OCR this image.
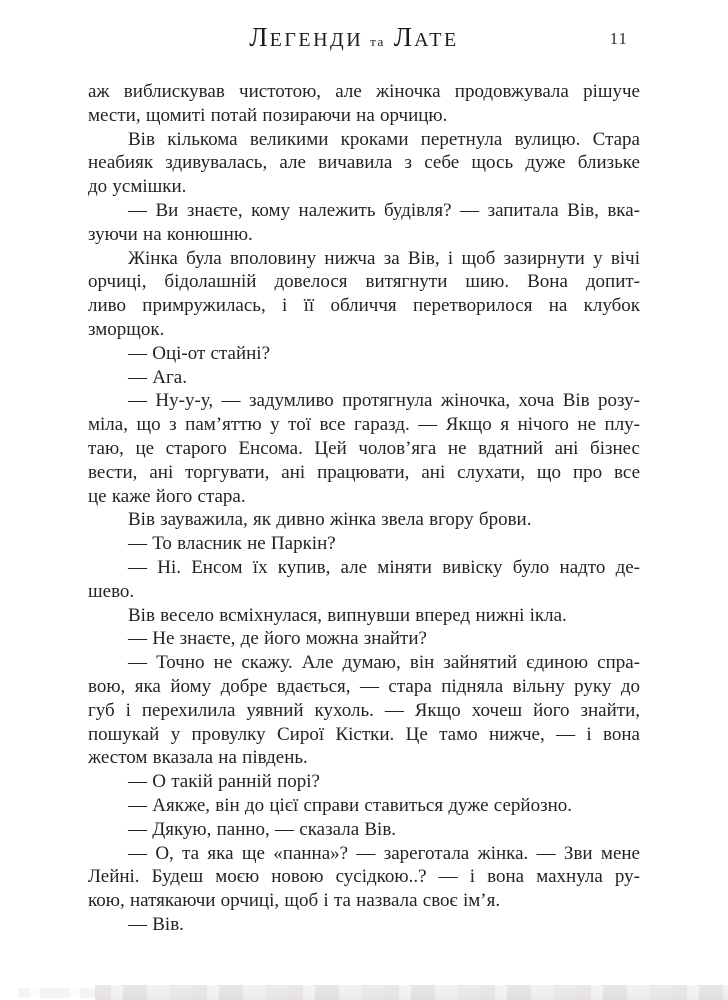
ЛЕГЕНДИ та ЛАТЕ	11
аж виблискував чистотою, але жіночка продовжувала рішуче
мести, щомиті потай позираючи на орчицю.
Вів кількома великими кроками перетнула вулицю. Стара
неабияк здивувалась, але вичавила з себе щось дуже близьке
до усмішки.
— Ви знаєте, кому належить будівля? — запитала Вів, вка-
зуючи на конюшню.
Жінка була вполовину нижча за Вів, і щоб зазирнути у вічі
орчиці, бідолашній довелося витягнути шию. Вона допит-
ливо примружилась, і її обличчя перетворилося на клубок
зморщок.
— Оці-от стайні?
— Ага.
— Ну-у-у, — задумливо протягнула жіночка, хоча Вів розу-
міла, що з пам’яттю у тої все гаразд. — Якщо я нічого не плу-
таю, це старого Енсома. Цей чолов’яга не вдатний ані бізнес
вести, ані торгувати, ані працювати, ані слухати, що про все
це каже його стара.
Вів зауважила, як дивно жінка звела вгору брови.
— То власник не Паркін?
— Ні. Енсом їх купив, але міняти вивіску було надто де-
шево.
Вів весело всміхнулася, випнувши вперед нижні ікла.
— Не знаєте, де його можна знайти?
— Точно не скажу. Але думаю, він зайнятий єдиною спра-
вою, яка йому добре вдається, — стара підняла вільну руку до
губ і перехилила уявний кухоль. — Якщо хочеш його знайти,
пошукай у провулку Сирої Кістки. Це тамо нижче, — і вона
жестом вказала на південь.
— О такій ранній порі?
— Аякже, він до цієї справи ставиться дуже серйозно.
— Дякую, панно, — сказала Вів.
— О, та яка ще «панна»? — зареготала жінка. — Зви мене
Лейні. Будеш моєю новою сусідкою..? — і вона махнула ру-
кою, натякаючи орчиці, щоб і та назвала своє ім’я.
— Вів.
